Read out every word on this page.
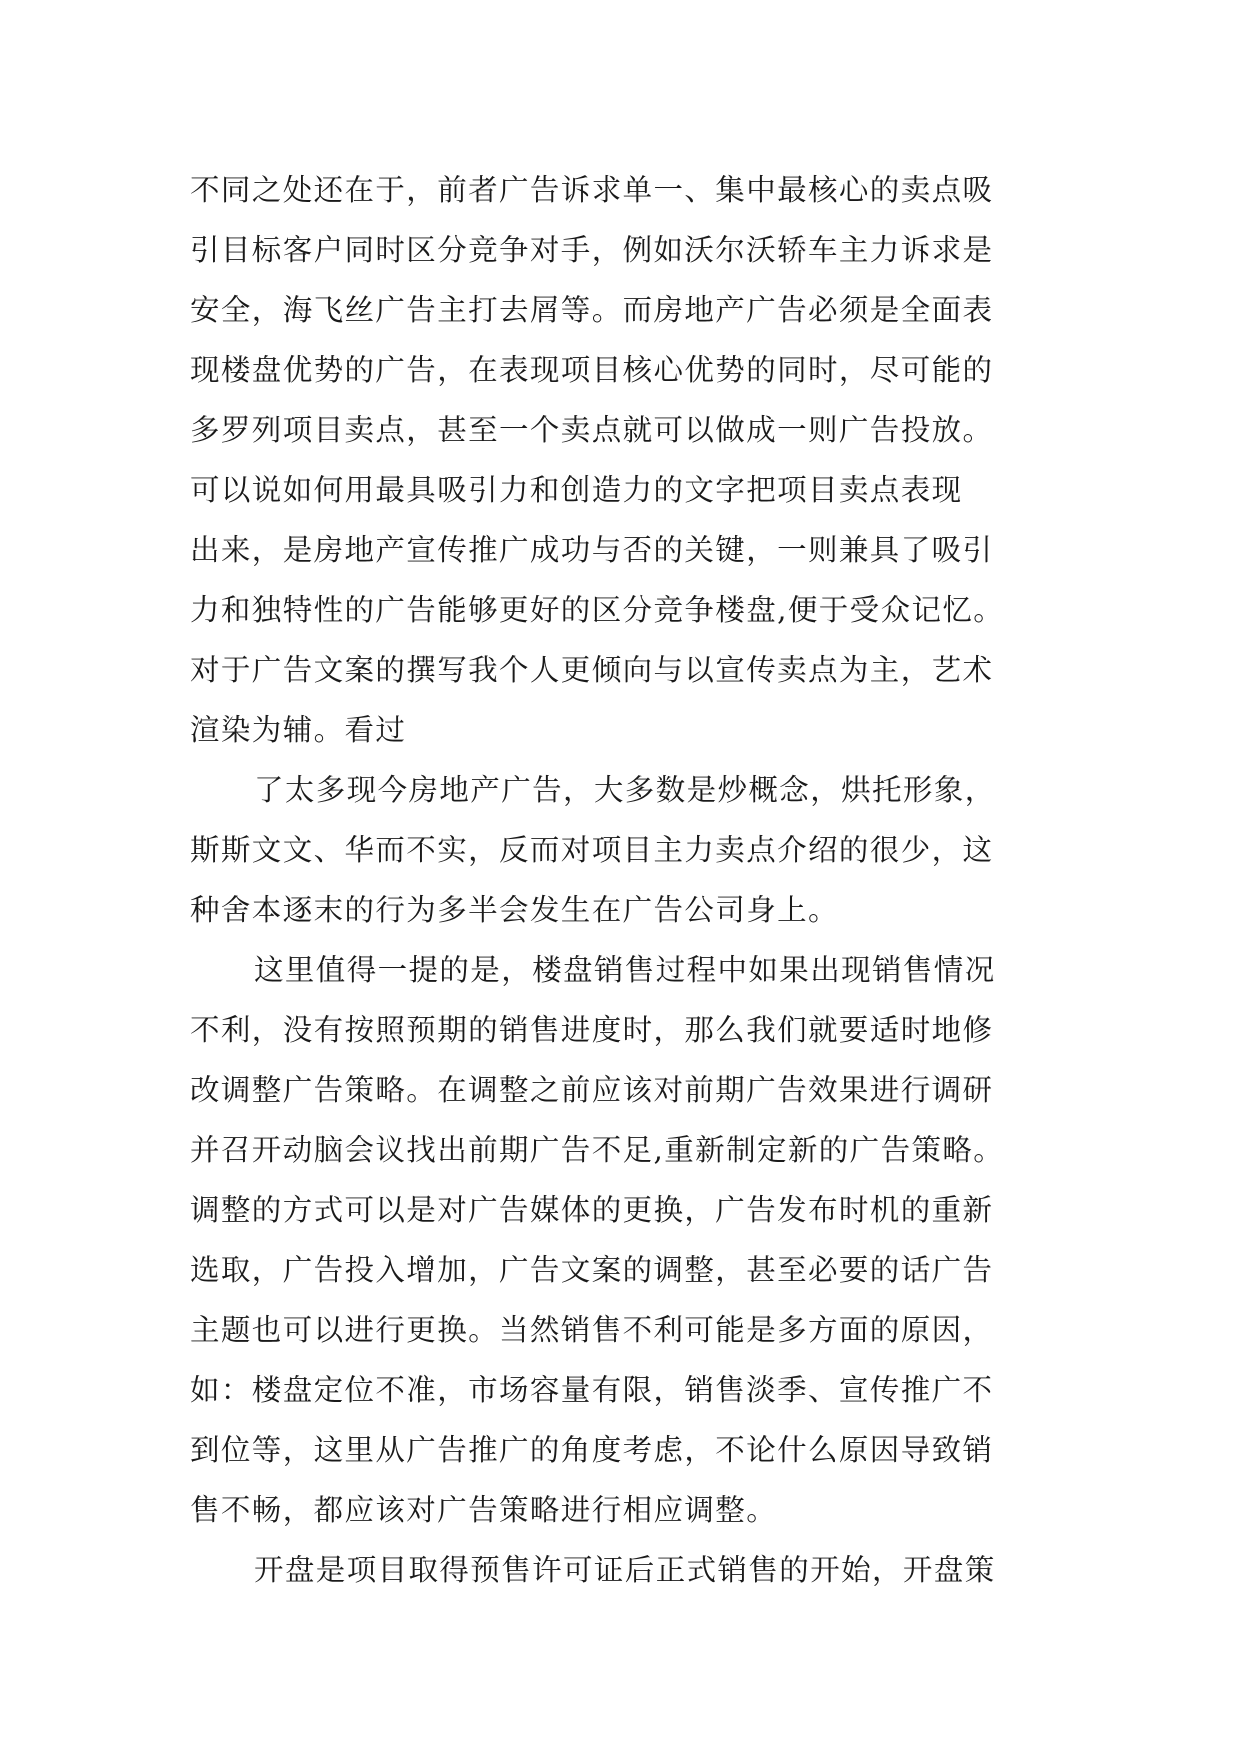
不同之处还在于，前者广告诉求单一、集中最核心的卖点吸
引目标客户同时区分竞争对手，例如沃尔沃轿车主力诉求是
安全，海飞丝广告主打去屑等。而房地产广告必须是全面表
现楼盘优势的广告，在表现项目核心优势的同时，尽可能的
多罗列项目卖点，甚至一个卖点就可以做成一则广告投放。
可以说如何用最具吸引力和创造力的文字把项目卖点表现
出来，是房地产宣传推广成功与否的关键，一则兼具了吸引
力和独特性的广告能够更好的区分竞争楼盘,便于受众记忆。
对于广告文案的撰写我个人更倾向与以宣传卖点为主，艺术
渲染为辅。看过
了太多现今房地产广告，大多数是炒概念，烘托形象，
斯斯文文、华而不实，反而对项目主力卖点介绍的很少，这
种舍本逐末的行为多半会发生在广告公司身上。
这里值得一提的是，楼盘销售过程中如果出现销售情况
不利，没有按照预期的销售进度时，那么我们就要适时地修
改调整广告策略。在调整之前应该对前期广告效果进行调研
并召开动脑会议找出前期广告不足,重新制定新的广告策略。
调整的方式可以是对广告媒体的更换，广告发布时机的重新
选取，广告投入增加，广告文案的调整，甚至必要的话广告
主题也可以进行更换。当然销售不利可能是多方面的原因，
如：楼盘定位不准，市场容量有限，销售淡季、宣传推广不
到位等，这里从广告推广的角度考虑，不论什么原因导致销
售不畅，都应该对广告策略进行相应调整。
开盘是项目取得预售许可证后正式销售的开始，开盘策
